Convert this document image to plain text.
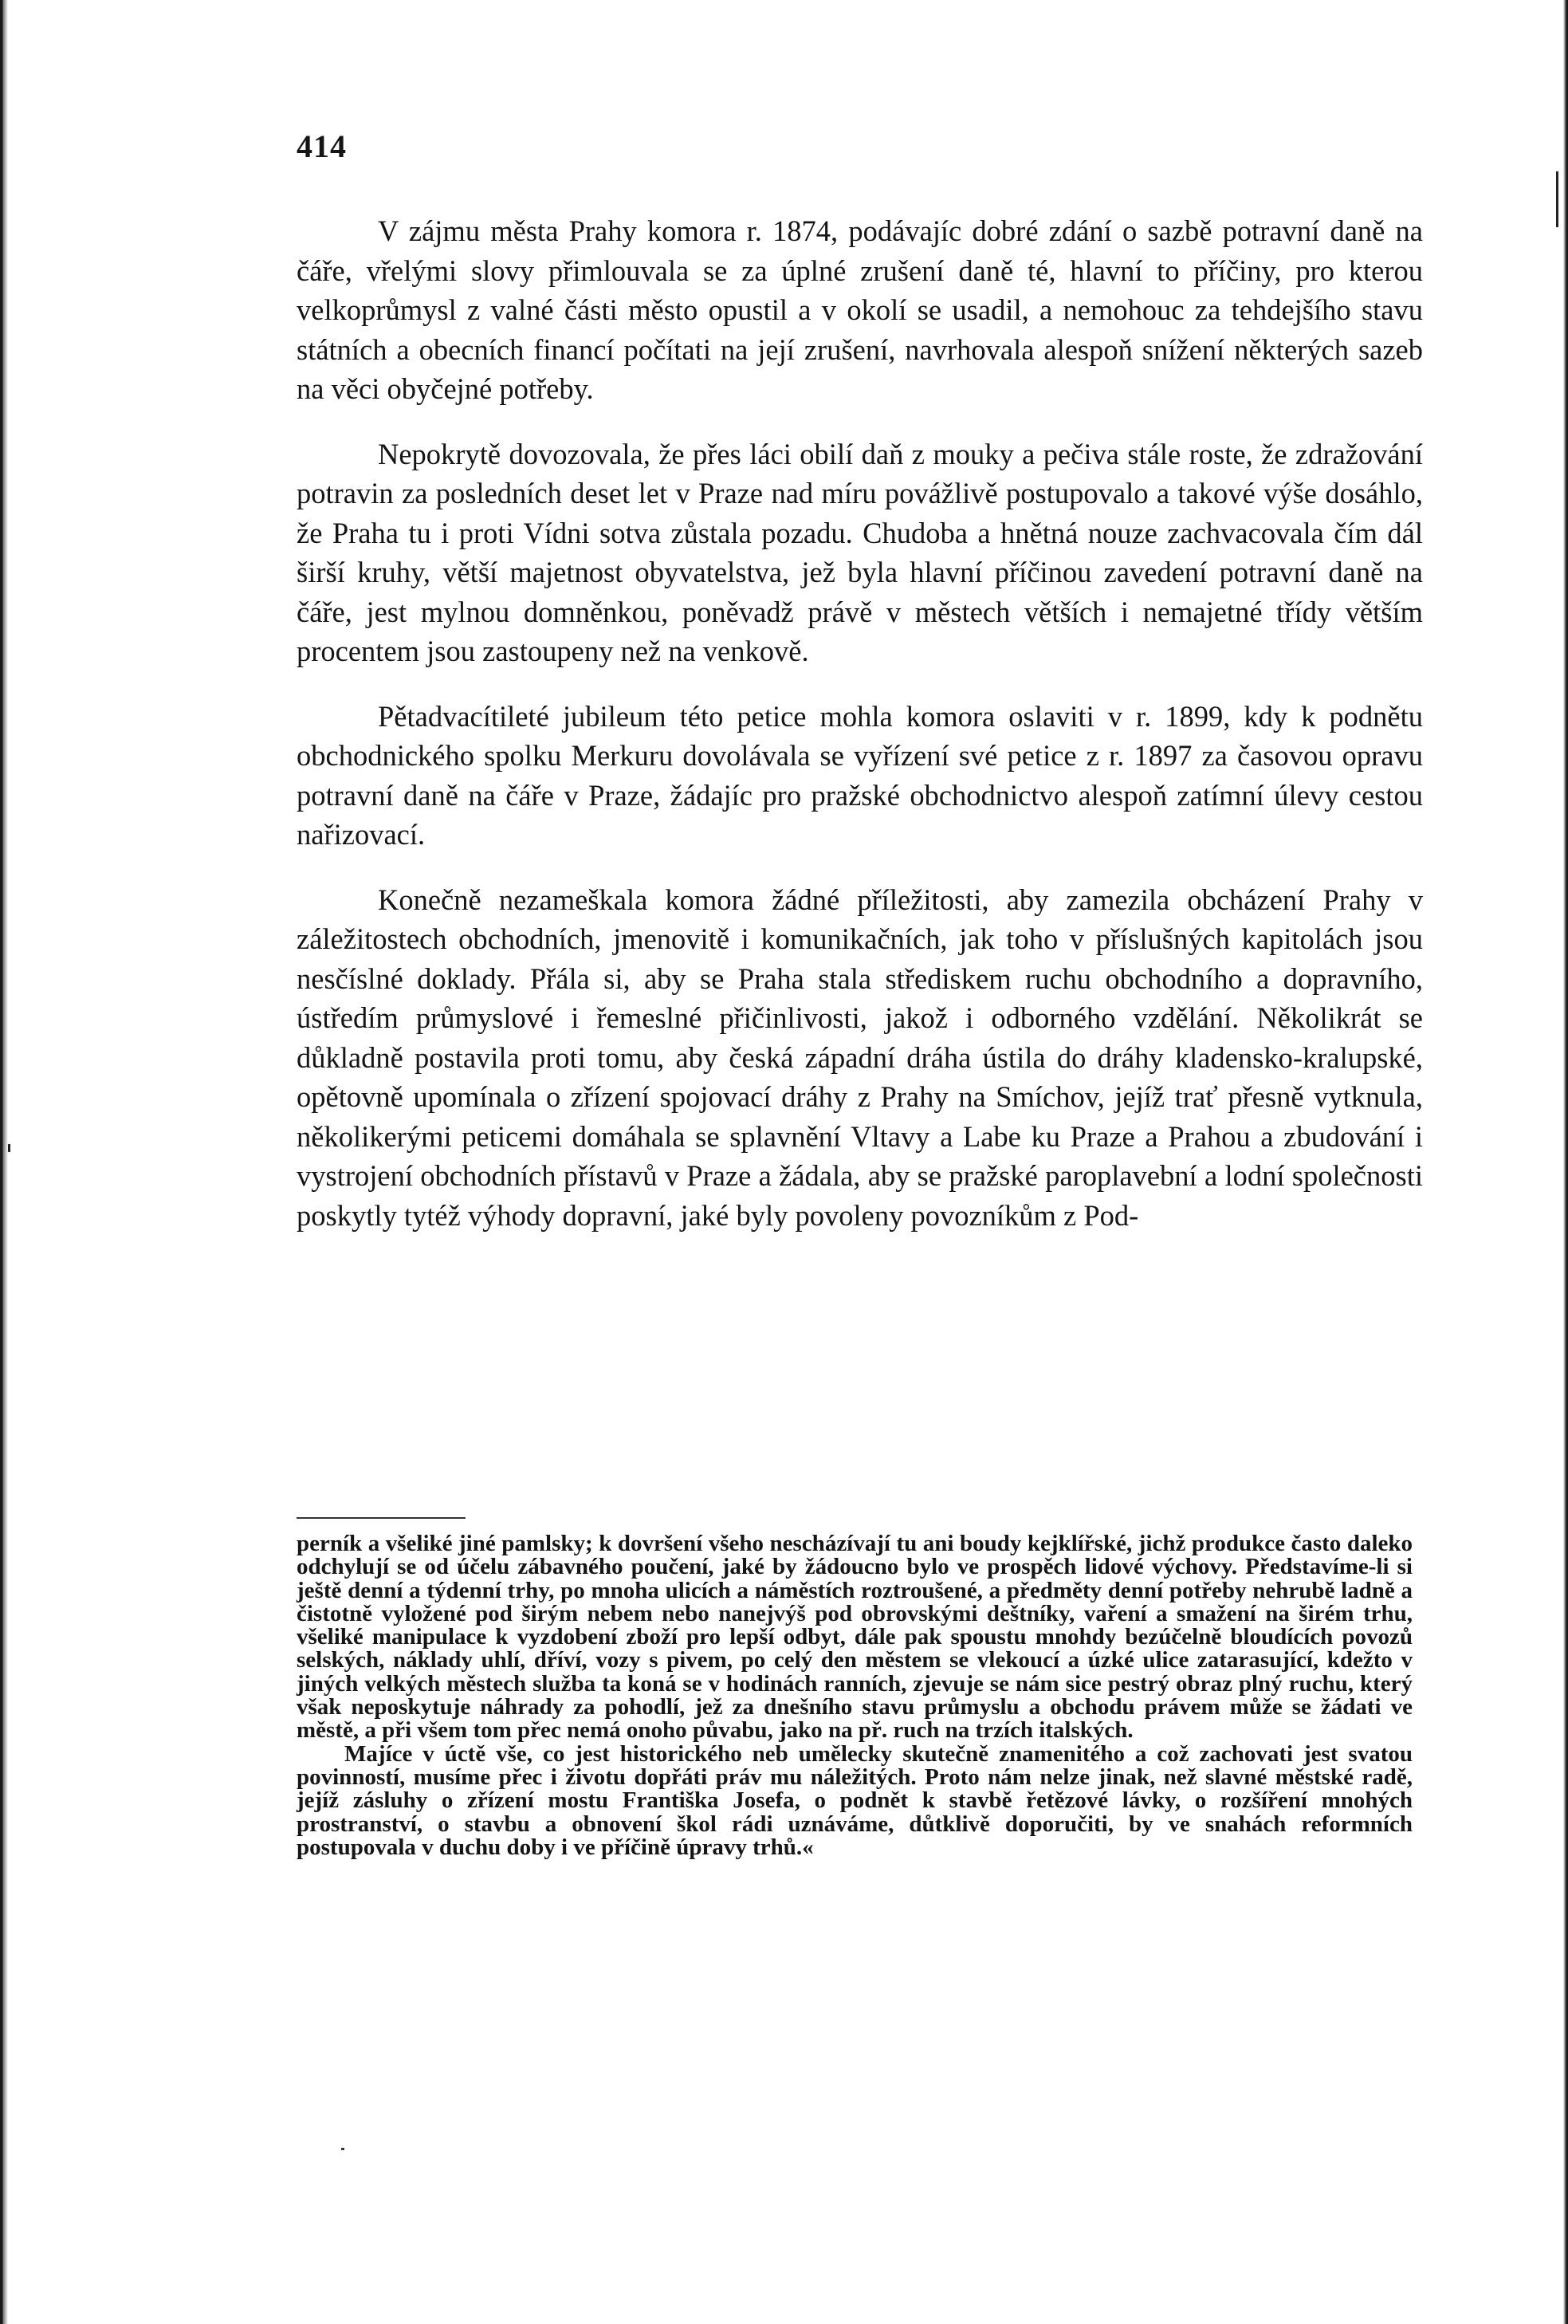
414

V zájmu města Prahy komora r. 1874, podávajíc dobré zdání o sazbě potravní daně na čáře, vřelými slovy přimlouvala se za úplné zrušení daně té, hlavní to příčiny, pro kterou velkoprůmysl z valné části město opustil a v okolí se usadil, a nemohouc za tehdejšího stavu státních a obecních financí počítati na její zrušení, navrhovala alespoň snížení některých sazeb na věci obyčejné potřeby.

Nepokrytě dovozovala, že přes láci obilí daň z mouky a pečiva stále roste, že zdražování potravin za posledních deset let v Praze nad míru povážlivě postupovalo a takové výše dosáhlo, že Praha tu i proti Vídni sotva zůstala pozadu. Chudoba a hnětná nouze zachvacovala čím dál širší kruhy, větší majetnost obyvatelstva, jež byla hlavní příčinou zavedení potravní daně na čáře, jest mylnou domněnkou, poněvadž právě v městech větších i nemajetné třídy větším procentem jsou zastoupeny než na venkově.

Pětadvacítileté jubileum této petice mohla komora oslaviti v r. 1899, kdy k podnětu obchodnického spolku Merkuru dovolávala se vyřízení své petice z r. 1897 za časovou opravu potravní daně na čáře v Praze, žádajíc pro pražské obchodnictvo alespoň zatímní úlevy cestou nařizovací.

Konečně nezameškala komora žádné příležitosti, aby zamezila obcházení Prahy v záležitostech obchodních, jmenovitě i komunikačních, jak toho v příslušných kapitolách jsou nesčíslné doklady. Přála si, aby se Praha stala střediskem ruchu obchodního a dopravního, ústředím průmyslové i řemeslné přičinlivosti, jakož i odborného vzdělání. Několikrát se důkladně postavila proti tomu, aby česká západní dráha ústila do dráhy kladensko-kralupské, opětovně upomínala o zřízení spojovací dráhy z Prahy na Smíchov, jejíž trať přesně vytknula, několikerými peticemi domáhala se splavnění Vltavy a Labe ku Praze a Prahou a zbudování i vystrojení obchodních přístavů v Praze a žádala, aby se pražské paroplavební a lodní společnosti poskytly tytéž výhody dopravní, jaké byly povoleny povozníkům z Pod-

perník a všeliké jiné pamlsky; k dovršení všeho nescházívají tu ani boudy kejklířské, jichž produkce často daleko odchylují se od účelu zábavného poučení, jaké by žádoucno bylo ve prospěch lidové výchovy. Představíme-li si ještě denní a týdenní trhy, po mnoha ulicích a náměstích roztroušené, a předměty denní potřeby nehrubě ladně a čistotně vyložené pod širým nebem nebo nanejvýš pod obrovskými deštníky, vaření a smažení na širém trhu, všeliké manipulace k vyzdobení zboží pro lepší odbyt, dále pak spoustu mnohdy bezúčelně bloudících povozů selských, náklady uhlí, dříví, vozy s pivem, po celý den městem se vlekoucí a úzké ulice zatarasující, kdežto v jiných velkých městech služba ta koná se v hodinách ranních, zjevuje se nám sice pestrý obraz plný ruchu, který však neposkytuje náhrady za pohodlí, jež za dnešního stavu průmyslu a obchodu právem může se žádati ve městě, a při všem tom přec nemá onoho půvabu, jako na př. ruch na trzích italských.

Majíce v úctě vše, co jest historického neb umělecky skutečně znamenitého a což zachovati jest svatou povinností, musíme přec i životu dopřáti práv mu náležitých. Proto nám nelze jinak, než slavné městské radě, jejíž zásluhy o zřízení mostu Františka Josefa, o podnět k stavbě řetězové lávky, o rozšíření mnohých prostranství, o stavbu a obnovení škol rádi uznáváme, důtklivě doporučiti, by ve snahách reformních postupovala v duchu doby i ve příčině úpravy trhů.«
